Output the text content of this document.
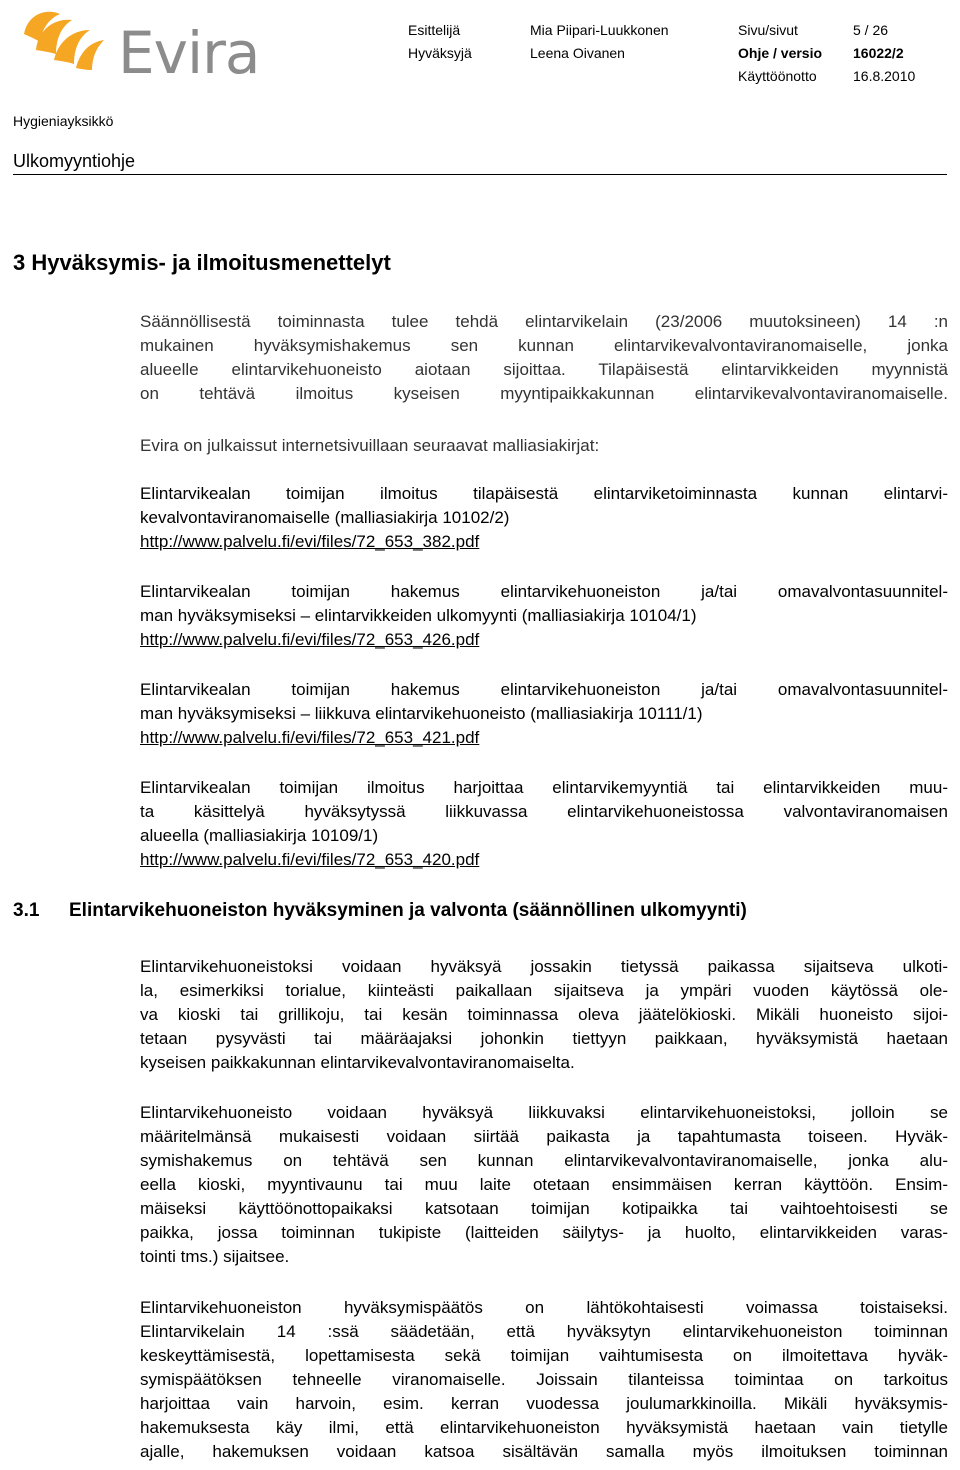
Evira	Esittelijä	Mia Piipari-Luukkonen	Sivu/sivut	5 / 26
Hyväksyjä	Leena Oivanen	Ohje / versio 16022/2
Käyttöönotto	16.8.2010
Hygieniayksikkö
Ulkomyyntiohje
3 Hyväksymis- ja ilmoitusmenettelyt
Säännöllisestä toiminnasta tulee tehdä elintarvikelain (23/2006 muutoksineen) 14 :n
mukainen hyväksymishakemus sen kunnan elintarvikevalvontaviranomaiselle, jonka
alueelle elintarvikehuoneisto aiotaan sijoittaa. Tilapäisestä elintarvikkeiden myynnistä
on tehtävä ilmoitus kyseisen myyntipaikkakunnan elintarvikevalvontaviranomaiselle.
Evira on julkaissut internetsivuillaan seuraavat malliasiakirjat:
Elintarvikealan toimijan ilmoitus tilapäisestä elintarviketoiminnasta kunnan elintarvi-
kevalvontaviranomaiselle (malliasiakirja 10102/2)
http://www.palvelu.fi/evi/files/72_653_382.pdf
Elintarvikealan toimijan hakemus elintarvikehuoneiston ja/tai omavalvontasuunnitel-
man hyväksymiseksi – elintarvikkeiden ulkomyynti (malliasiakirja 10104/1)
http://www.palvelu.fi/evi/files/72_653_426.pdf
Elintarvikealan toimijan hakemus elintarvikehuoneiston ja/tai omavalvontasuunnitel-
man hyväksymiseksi – liikkuva elintarvikehuoneisto (malliasiakirja 10111/1)
http://www.palvelu.fi/evi/files/72_653_421.pdf
Elintarvikealan toimijan ilmoitus harjoittaa elintarvikemyyntiä tai elintarvikkeiden muu-
ta käsittelyä hyväksytyssä liikkuvassa elintarvikehuoneistossa valvontaviranomaisen
alueella (malliasiakirja 10109/1)
http://www.palvelu.fi/evi/files/72_653_420.pdf
3.1 Elintarvikehuoneiston hyväksyminen ja valvonta (säännöllinen ulkomyynti)
Elintarvikehuoneistoksi voidaan hyväksyä jossakin tietyssä paikassa sijaitseva ulkoti-
la, esimerkiksi torialue, kiinteästi paikallaan sijaitseva ja ympäri vuoden käytössä ole-
va kioski tai grillikoju, tai kesän toiminnassa oleva jäätelökioski. Mikäli huoneisto sijoi-
tetaan pysyvästi tai määräajaksi johonkin tiettyyn paikkaan, hyväksymistä haetaan
kyseisen paikkakunnan elintarvikevalvontaviranomaiselta.
Elintarvikehuoneisto voidaan hyväksyä liikkuvaksi elintarvikehuoneistoksi, jolloin se
määritelmänsä mukaisesti voidaan siirtää paikasta ja tapahtumasta toiseen. Hyväk-
symishakemus on tehtävä sen kunnan elintarvikevalvontaviranomaiselle, jonka alu-
eella kioski, myyntivaunu tai muu laite otetaan ensimmäisen kerran käyttöön. Ensim-
mäiseksi käyttöönottopaikaksi katsotaan toimijan kotipaikka tai vaihtoehtoisesti se
paikka, jossa toiminnan tukipiste (laitteiden säilytys- ja huolto, elintarvikkeiden varas-
tointi tms.) sijaitsee.
Elintarvikehuoneiston hyväksymispäätös on lähtökohtaisesti voimassa toistaiseksi.
Elintarvikelain 14 :ssä säädetään, että hyväksytyn elintarvikehuoneiston toiminnan
keskeyttämisestä, lopettamisesta sekä toimijan vaihtumisesta on ilmoitettava hyväk-
symispäätöksen tehneelle viranomaiselle. Joissain tilanteissa toimintaa on tarkoitus
harjoittaa vain harvoin, esim. kerran vuodessa joulumarkkinoilla. Mikäli hyväksymis-
hakemuksesta käy ilmi, että elintarvikehuoneiston hyväksymistä haetaan vain tietylle
ajalle, hakemuksen voidaan katsoa sisältävän samalla myös ilmoituksen toiminnan
